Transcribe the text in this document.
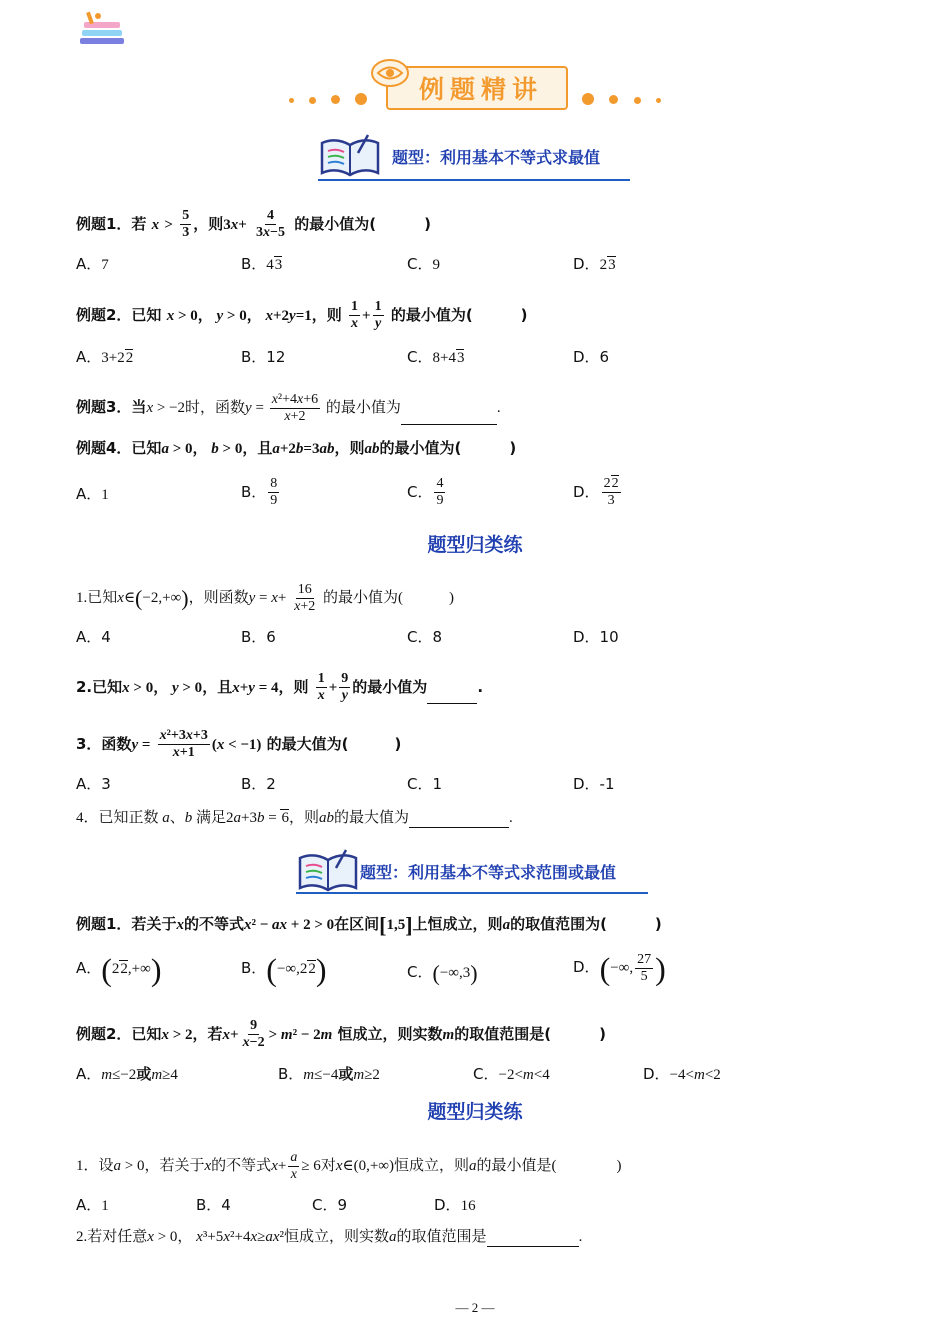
例题精讲
题型：利用基本不等式求最值
例题1．若 $x > \frac{5}{3}$ ，则$3x+ \frac{4}{3x-5}$ 的最小值为(	)
A．7	B．43	C．9	D．23
例题2．已知 x > 0， y > 0， x+2y=1，则 $\frac{1}{x} + \frac{1}{y}$ 的最小值为(	)
A．3+22	B．12	C．8+43	D．6
例题3．当x > −2时，函数$y = \frac{\text{x²+4x+6}}{x+2}$ 的最小值为	.
例题4．已知a > 0， b > 0，且a+2b=3ab，则ab的最小值为(	)
A．1	B． $\frac{8}{9}$	C． $\frac{4}{9}$	D． $\frac{22}{3}$
题型归类练
1.已知x∈(−2,+∞)，则函数$y = x+ \frac{16}{x+2}$ 的最小值为(	)
A．4	B．6	C．8	D．10
2.已知x > 0， y > 0，且x+y = 4，则 $\frac{1}{x} + \frac{9}{y}$ 的最小值为	.
3．函数$y = \frac{\text{x²+3x+3}}{x+1} (x < -1)$ 的最大值为(	)
A．3	B．2	C．1	D．-1
4．已知正数 a、b 满足2a+3b = 6，则ab的最大值为	.
题型：利用基本不等式求范围或最值
例题1．若关于x的不等式x² − ax + 2 > 0在区间[1,5]上恒成立，则a的取值范围为(	)
A．(22,+∞)	B．(−∞,22)	C．(−∞,3)	D．(−∞, $\frac{27}{5}$ )
例题2．已知x > 2，若$x+ \frac{9}{x-2} > m^2 - 2m$ 恒成立，则实数m的取值范围是(	)
A．m≤−2或m≥4	B．m≤−4或m≥2	C．−2<m<4	D．−4<m<2
题型归类练
1．设a > 0，若关于x的不等式$x+ \frac{a}{x} \ge 6$对x∈(0,+∞)恒成立，则a的最小值是(	)
A．1	B．4	C．9	D．16
2.若对任意x > 0， x³+5x²+4x≥ax²恒成立，则实数a的取值范围是	.
— 2 —
